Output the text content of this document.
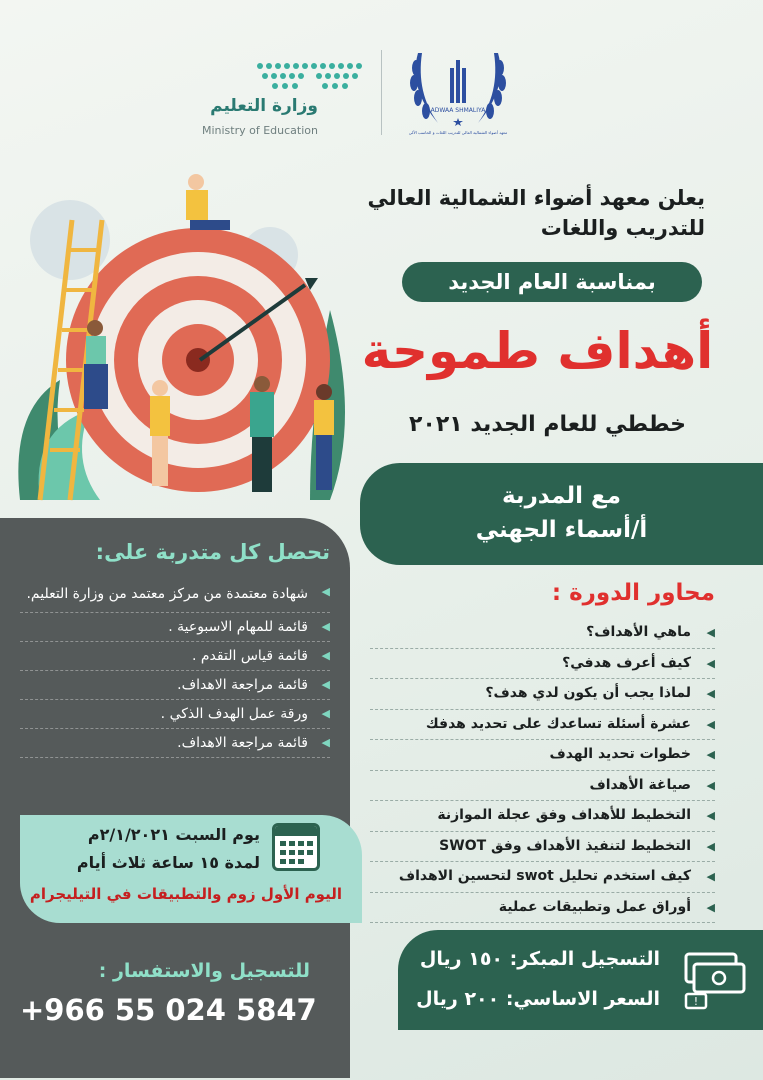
ADWAA SHMALIYA
معهد أضواء الشمالية العالي للتدريب اللغات و الحاسب الآلي
وزارة التعليم
Ministry of Education
يعلن معهد أضواء الشمالية العالي للتدريب واللغات
بمناسبة العام الجديد
أهداف طموحة
خططي للعام الجديد ٢٠٢١
مع المدربة
أ/أسماء الجهني
تحصل كل متدربة على:
◀ شهادة معتمدة من مركز معتمد من وزارة التعليم.
◀ قائمة للمهام الاسبوعية .
◀ قائمة قياس التقدم .
◀ قائمة مراجعة الاهداف.
◀ ورقة عمل الهدف الذكي .
◀ قائمة مراجعة الاهداف.
يوم السبت ٢/١/٢٠٢١م
لمدة ١٥ ساعة ثلاث أيام
اليوم الأول زوم والتطبيقات في التيليجرام
للتسجيل والاستفسار :
+966 55 024 5847
محاور الدورة :
◀ ماهي الأهداف؟
◀ كيف أعرف هدفي؟
◀ لماذا يجب أن يكون لدي هدف؟
◀ عشرة أسئلة تساعدك على تحديد هدفك
◀ خطوات تحديد الهدف
◀ صياغة الأهداف
◀ التخطيط للأهداف وفق عجلة الموازنة
◀ التخطيط لتنفيذ الأهداف وفق SWOT
◀ كيف استخدم تحليل swot لتحسين الاهداف
◀ أوراق عمل وتطبيقات عملية
!
التسجيل المبكر: ١٥٠ ريال
السعر الاساسي: ٢٠٠ ريال
